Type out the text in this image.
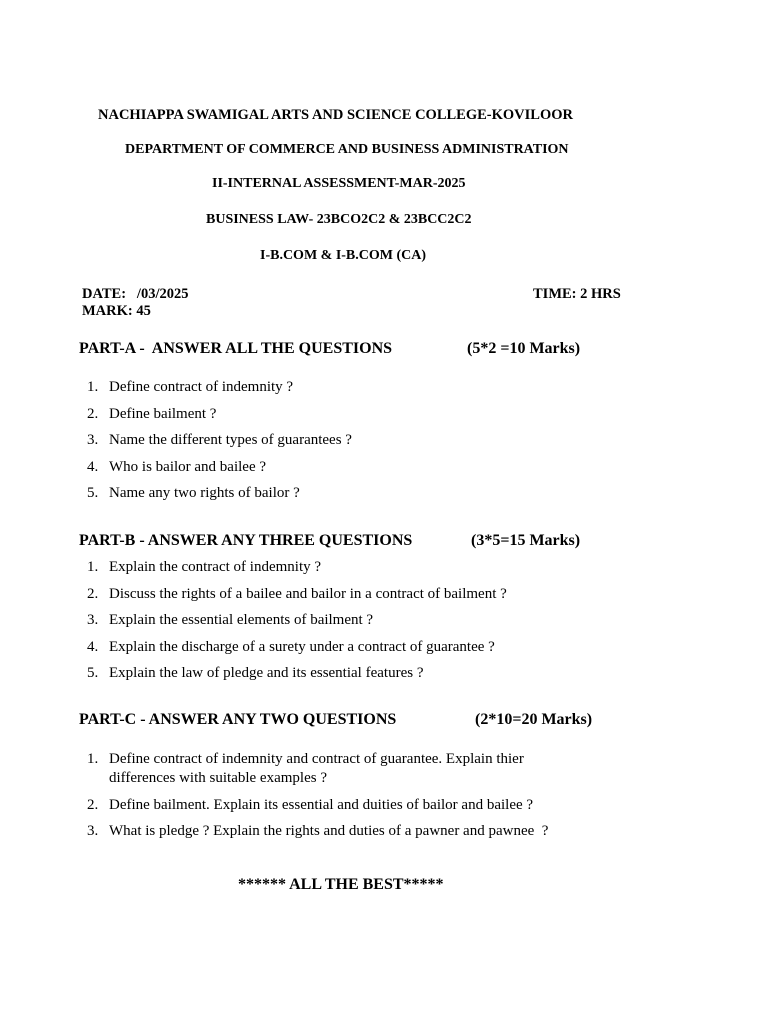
NACHIAPPA SWAMIGAL ARTS AND SCIENCE COLLEGE-KOVILOOR
DEPARTMENT OF COMMERCE AND BUSINESS ADMINISTRATION
II-INTERNAL ASSESSMENT-MAR-2025
BUSINESS LAW- 23BCO2C2 & 23BCC2C2
I-B.COM & I-B.COM (CA)
DATE:   /03/2025	TIME: 2 HRS
MARK: 45
PART-A -  ANSWER ALL THE QUESTIONS	(5*2 =10 Marks)
1. Define contract of indemnity ?
2. Define bailment ?
3. Name the different types of guarantees ?
4. Who is bailor and bailee ?
5. Name any two rights of bailor ?
PART-B - ANSWER ANY THREE QUESTIONS	(3*5=15 Marks)
1. Explain the contract of indemnity ?
2. Discuss the rights of a bailee and bailor in a contract of bailment ?
3. Explain the essential elements of bailment ?
4. Explain the discharge of a surety under a contract of guarantee ?
5. Explain the law of pledge and its essential features ?
PART-C - ANSWER ANY TWO QUESTIONS	(2*10=20 Marks)
1. Define contract of indemnity and contract of guarantee. Explain thier differences with suitable examples ?
2. Define bailment. Explain its essential and duities of bailor and bailee ?
3. What is pledge ? Explain the rights and duties of a pawner and pawnee  ?
****** ALL THE BEST*****
